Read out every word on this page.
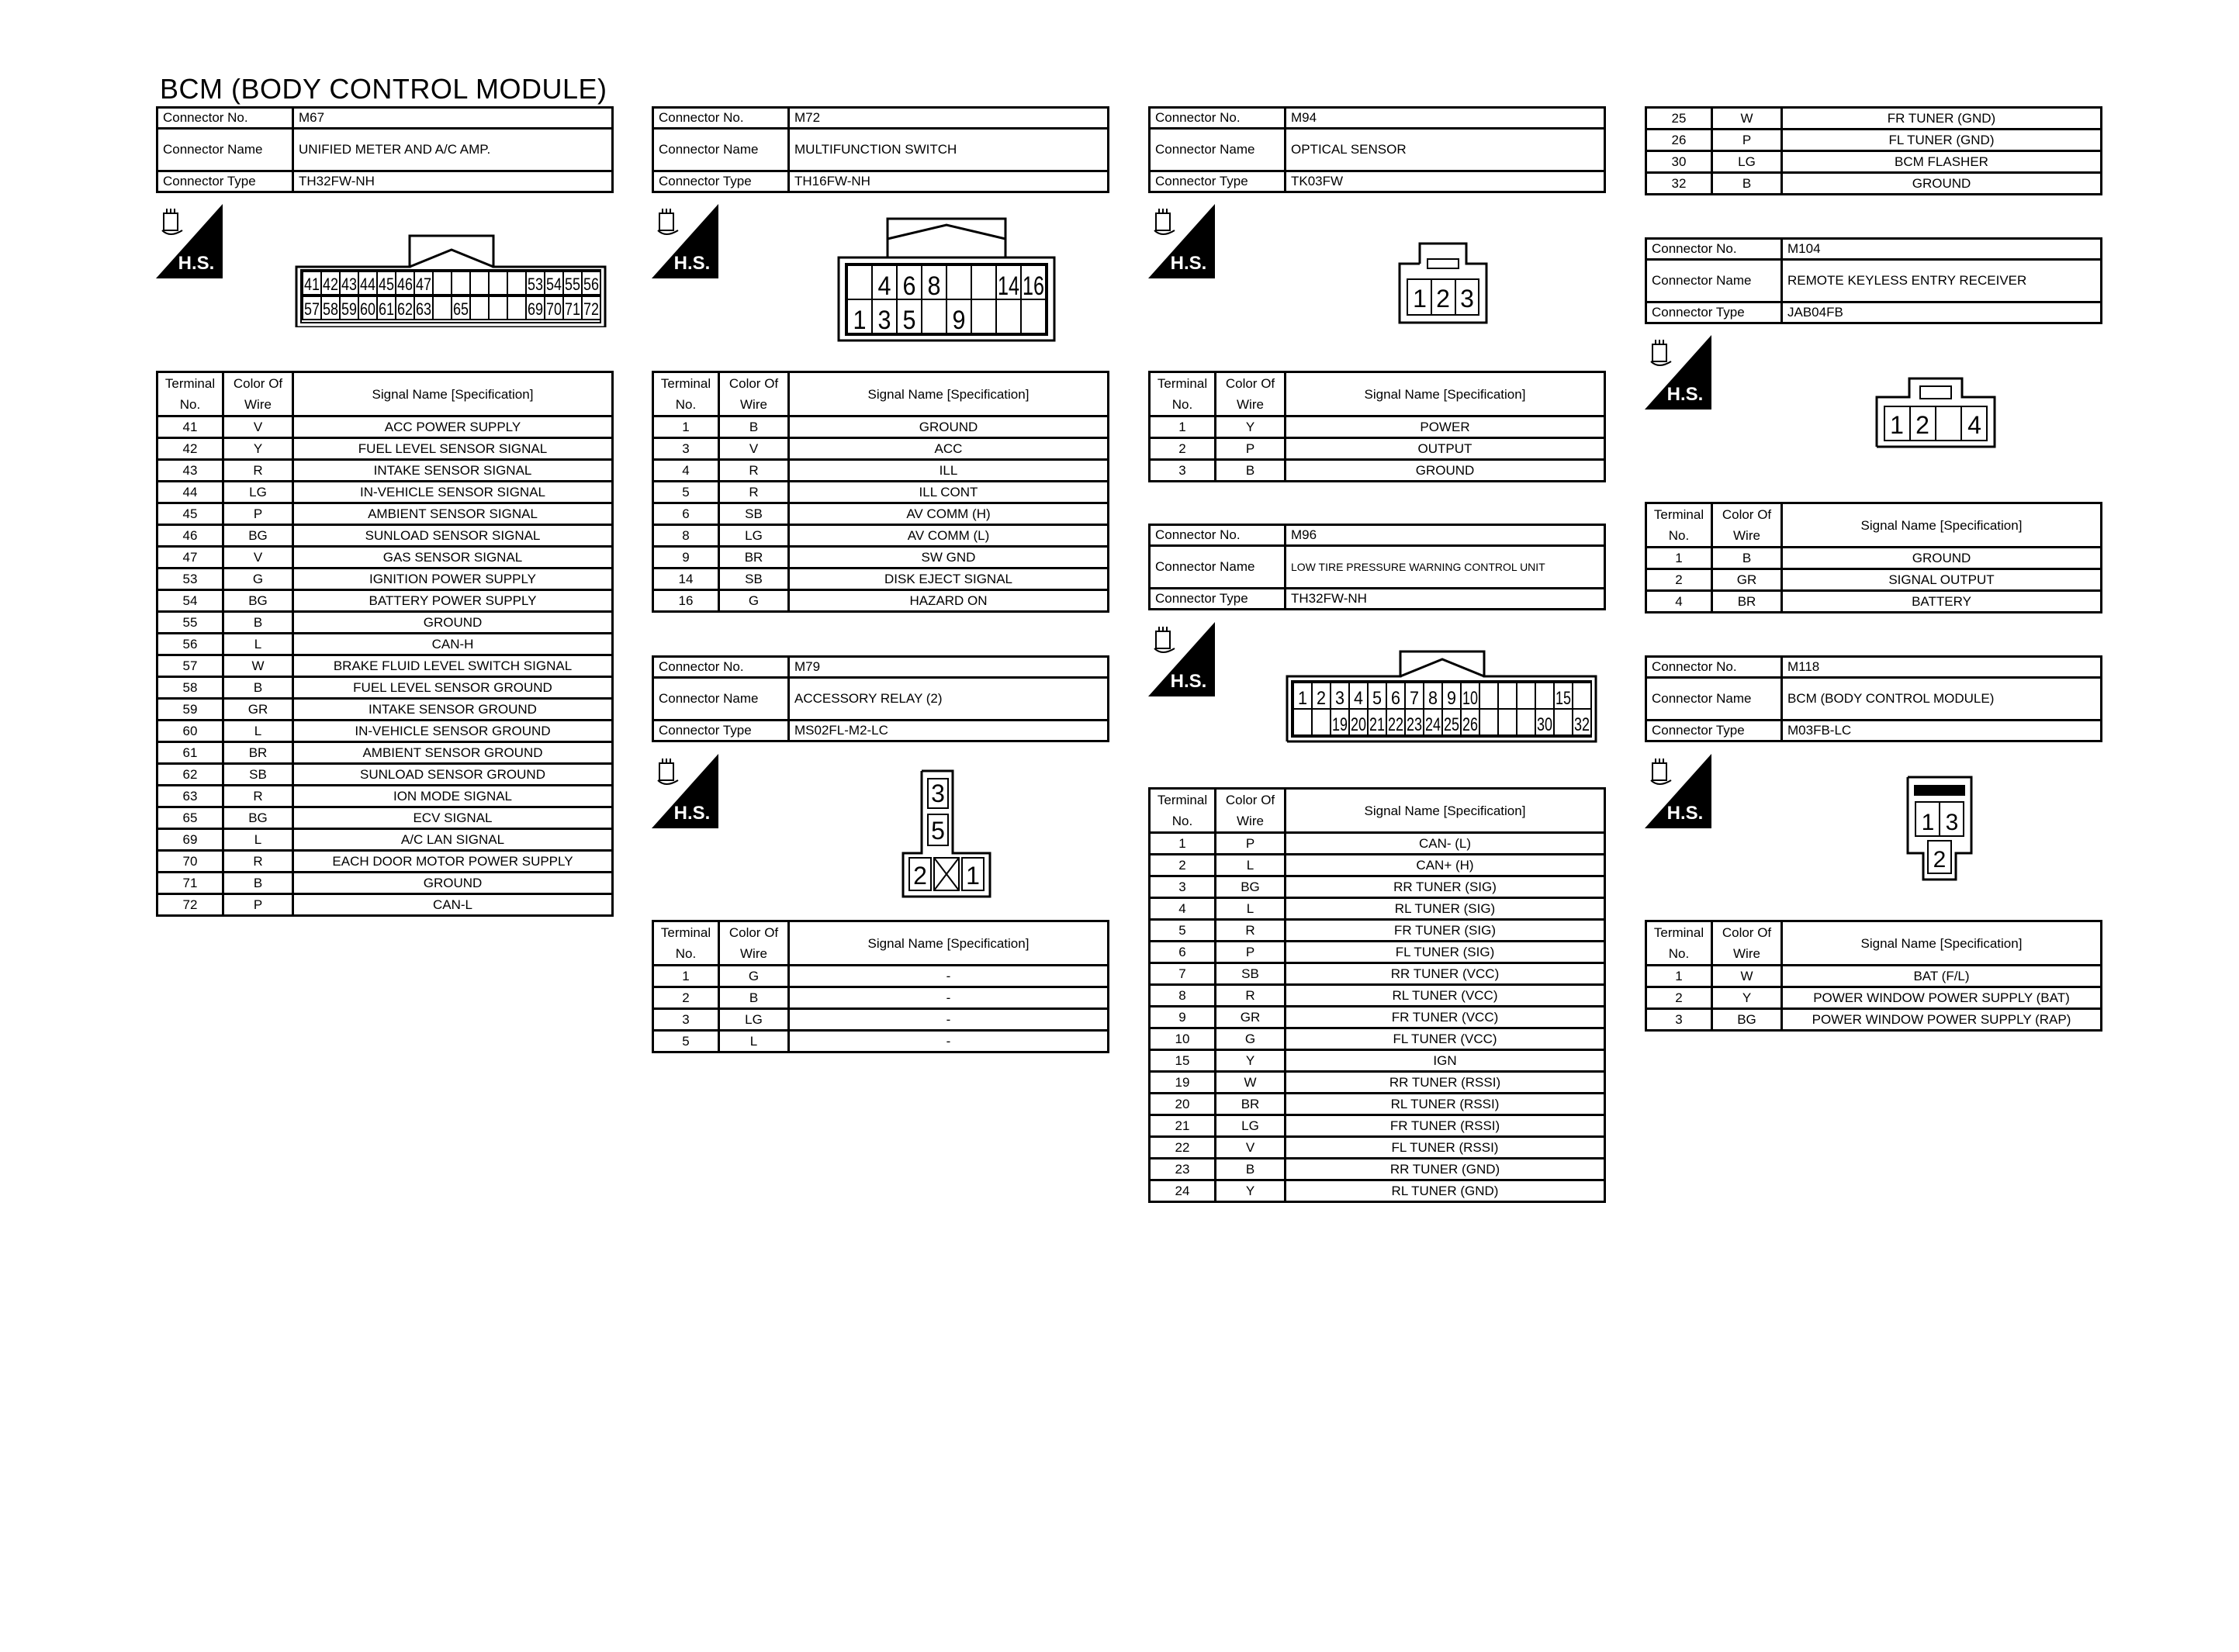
BCM (BODY CONTROL MODULE)
Connector No.	M67
Connector Name	UNIFIED METER AND A/C AMP.
Connector Type	TH32FW-NH
H.S.
41 42 43 44 45 46 47	53 54 55 56
57 58 59 60 61 62 63 65	69 70 71 72
Terminal No.	Color Of Wire	Signal Name [Specification]
41	V	ACC POWER SUPPLY
42	Y	FUEL LEVEL SENSOR SIGNAL
43	R	INTAKE SENSOR SIGNAL
44	LG	IN-VEHICLE SENSOR SIGNAL
45	P	AMBIENT SENSOR SIGNAL
46	BG	SUNLOAD SENSOR SIGNAL
47	V	GAS SENSOR SIGNAL
53	G	IGNITION POWER SUPPLY
54	BG	BATTERY POWER SUPPLY
55	B	GROUND
56	L	CAN-H
57	W	BRAKE FLUID LEVEL SWITCH SIGNAL
58	B	FUEL LEVEL SENSOR GROUND
59	GR	INTAKE SENSOR GROUND
60	L	IN-VEHICLE SENSOR GROUND
61	BR	AMBIENT SENSOR GROUND
62	SB	SUNLOAD SENSOR GROUND
63	R	ION MODE SIGNAL
65	BG	ECV SIGNAL
69	L	A/C LAN SIGNAL
70	R	EACH DOOR MOTOR POWER SUPPLY
71	B	GROUND
72	P	CAN-L
Connector No.	M72
Connector Name	MULTIFUNCTION SWITCH
Connector Type	TH16FW-NH
H.S.
4 6 8 14 16
1 3 5 9
Terminal No.	Color Of Wire	Signal Name [Specification]
1	B	GROUND
3	V	ACC
4	R	ILL
5	R	ILL CONT
6	SB	AV COMM (H)
8	LG	AV COMM (L)
9	BR	SW GND
14	SB	DISK EJECT SIGNAL
16	G	HAZARD ON
Connector No.	M79
Connector Name	ACCESSORY RELAY (2)
Connector Type	MS02FL-M2-LC
H.S.
3
5
2 1
Terminal No.	Color Of Wire	Signal Name [Specification]
1	G	-
2	B	-
3	LG	-
5	L	-
Connector No.	M94
Connector Name	OPTICAL SENSOR
Connector Type	TK03FW
H.S.
1 2 3
Terminal No.	Color Of Wire	Signal Name [Specification]
1	Y	POWER
2	P	OUTPUT
3	B	GROUND
Connector No.	M96
Connector Name	LOW TIRE PRESSURE WARNING CONTROL UNIT
Connector Type	TH32FW-NH
H.S.
1 2 3 4 5 6 7 8 9 10	15
19 20 21 22 23 24 25 26	30 32
Terminal No.	Color Of Wire	Signal Name [Specification]
1	P	CAN- (L)
2	L	CAN+ (H)
3	BG	RR TUNER (SIG)
4	L	RL TUNER (SIG)
5	R	FR TUNER (SIG)
6	P	FL TUNER (SIG)
7	SB	RR TUNER (VCC)
8	R	RL TUNER (VCC)
9	GR	FR TUNER (VCC)
10	G	FL TUNER (VCC)
15	Y	IGN
19	W	RR TUNER (RSSI)
20	BR	RL TUNER (RSSI)
21	LG	FR TUNER (RSSI)
22	V	FL TUNER (RSSI)
23	B	RR TUNER (GND)
24	Y	RL TUNER (GND)
25	W	FR TUNER (GND)
26	P	FL TUNER (GND)
30	LG	BCM FLASHER
32	B	GROUND
Connector No.	M104
Connector Name	REMOTE KEYLESS ENTRY RECEIVER
Connector Type	JAB04FB
H.S.
1 2 4
Terminal No.	Color Of Wire	Signal Name [Specification]
1	B	GROUND
2	GR	SIGNAL OUTPUT
4	BR	BATTERY
Connector No.	M118
Connector Name	BCM (BODY CONTROL MODULE)
Connector Type	M03FB-LC
H.S.	1 3
2
Terminal No.	Color Of Wire	Signal Name [Specification]
1	W	BAT (F/L)
2	Y	POWER WINDOW POWER SUPPLY (BAT)
3	BG	POWER WINDOW POWER SUPPLY (RAP)
